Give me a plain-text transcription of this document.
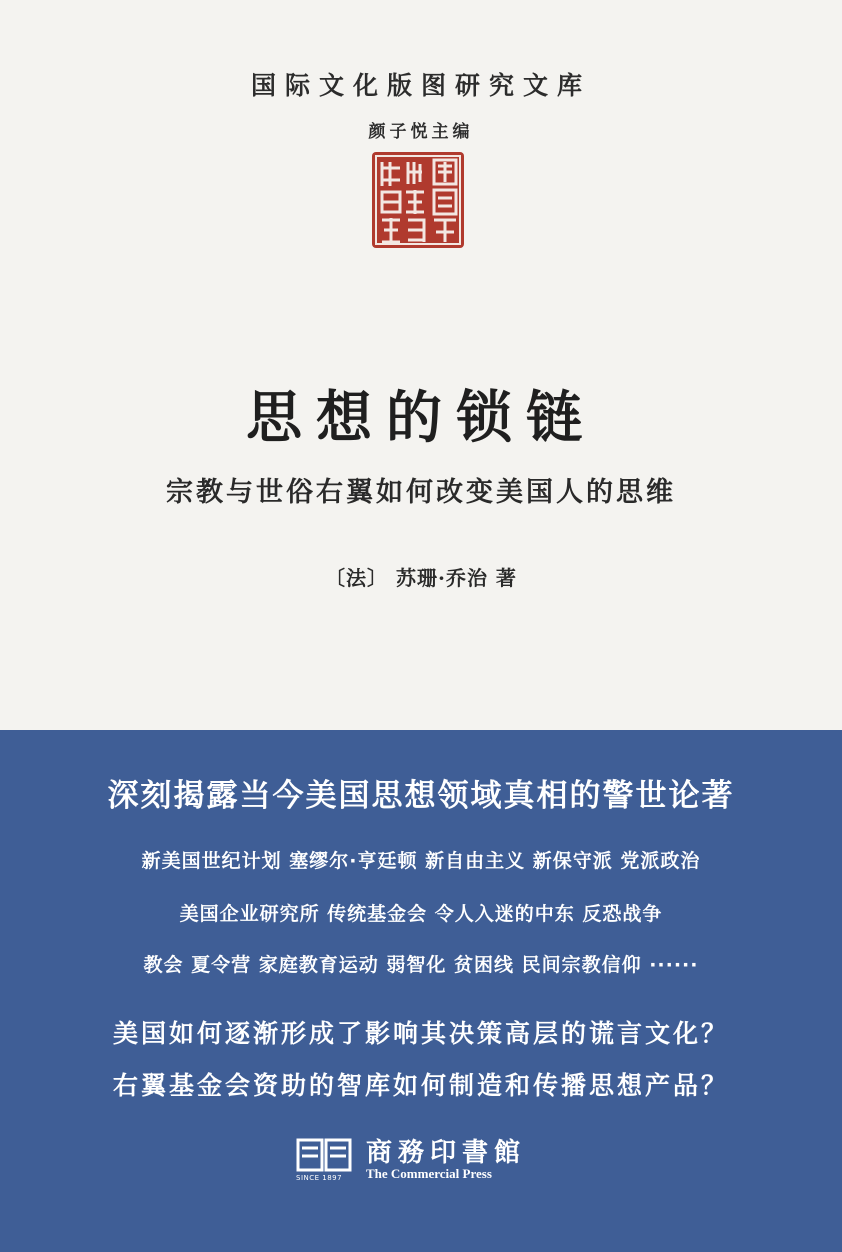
国际文化版图研究文库
颜子悦主编
思想的锁链
宗教与世俗右翼如何改变美国人的思维
〔法〕 苏珊·乔治 著
深刻揭露当今美国思想领域真相的警世论著
新美国世纪计划 塞缪尔·亨廷顿 新自由主义 新保守派 党派政治
美国企业研究所 传统基金会 令人入迷的中东 反恐战争
教会 夏令营 家庭教育运动 弱智化 贫困线 民间宗教信仰 ······
美国如何逐渐形成了影响其决策高层的谎言文化？
右翼基金会资助的智库如何制造和传播思想产品？
SINCE 1897
商務印書館
The Commercial Press
